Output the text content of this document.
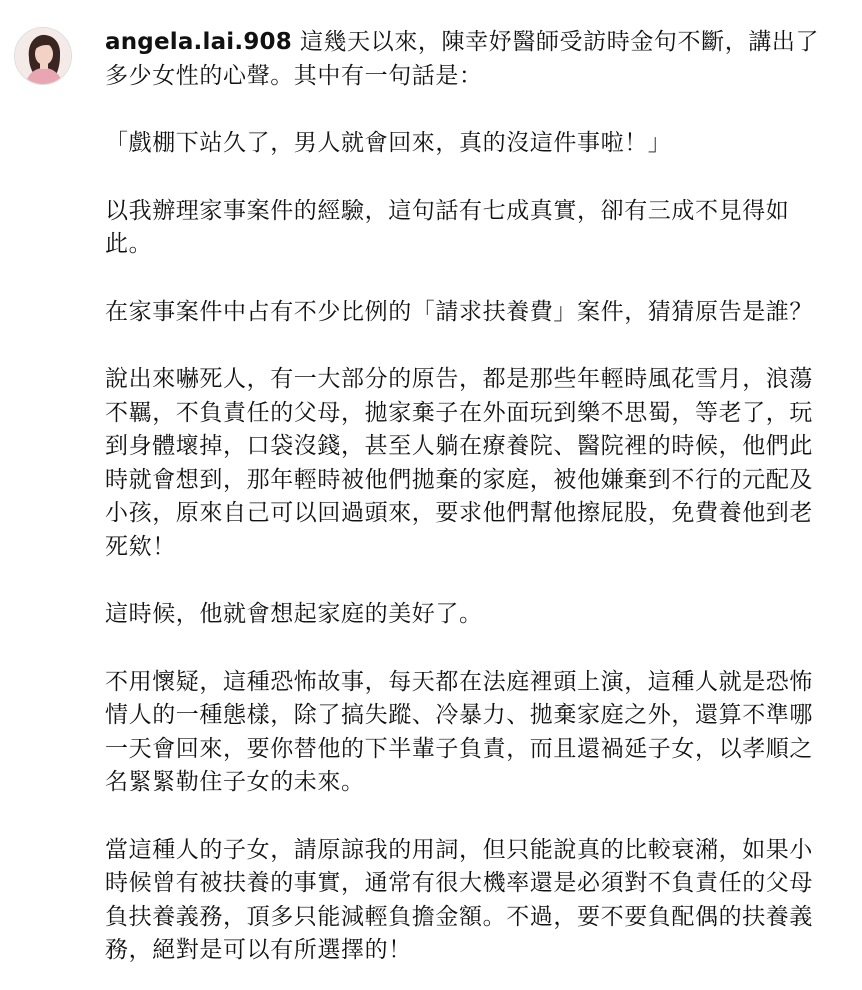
angela.lai.908 這幾天以來，陳幸妤醫師受訪時金句不斷，講出了多少女性的心聲。其中有一句話是：

「戲棚下站久了，男人就會回來，真的沒這件事啦！」

以我辦理家事案件的經驗，這句話有七成真實，卻有三成不見得如此。

在家事案件中占有不少比例的「請求扶養費」案件，猜猜原告是誰？

說出來嚇死人，有一大部分的原告，都是那些年輕時風花雪月，浪蕩不羈，不負責任的父母，拋家棄子在外面玩到樂不思蜀，等老了，玩到身體壞掉，口袋沒錢，甚至人躺在療養院、醫院裡的時候，他們此時就會想到，那年輕時被他們拋棄的家庭，被他嫌棄到不行的元配及小孩，原來自己可以回過頭來，要求他們幫他擦屁股，免費養他到老死欸！

這時候，他就會想起家庭的美好了。

不用懷疑，這種恐怖故事，每天都在法庭裡頭上演，這種人就是恐怖情人的一種態樣，除了搞失蹤、冷暴力、拋棄家庭之外，還算不準哪一天會回來，要你替他的下半輩子負責，而且還禍延子女，以孝順之名緊緊勒住子女的未來。

當這種人的子女，請原諒我的用詞，但只能說真的比較衰潲，如果小時候曾有被扶養的事實，通常有很大機率還是必須對不負責任的父母負扶養義務，頂多只能減輕負擔金額。不過，要不要負配偶的扶養義務，絕對是可以有所選擇的！
